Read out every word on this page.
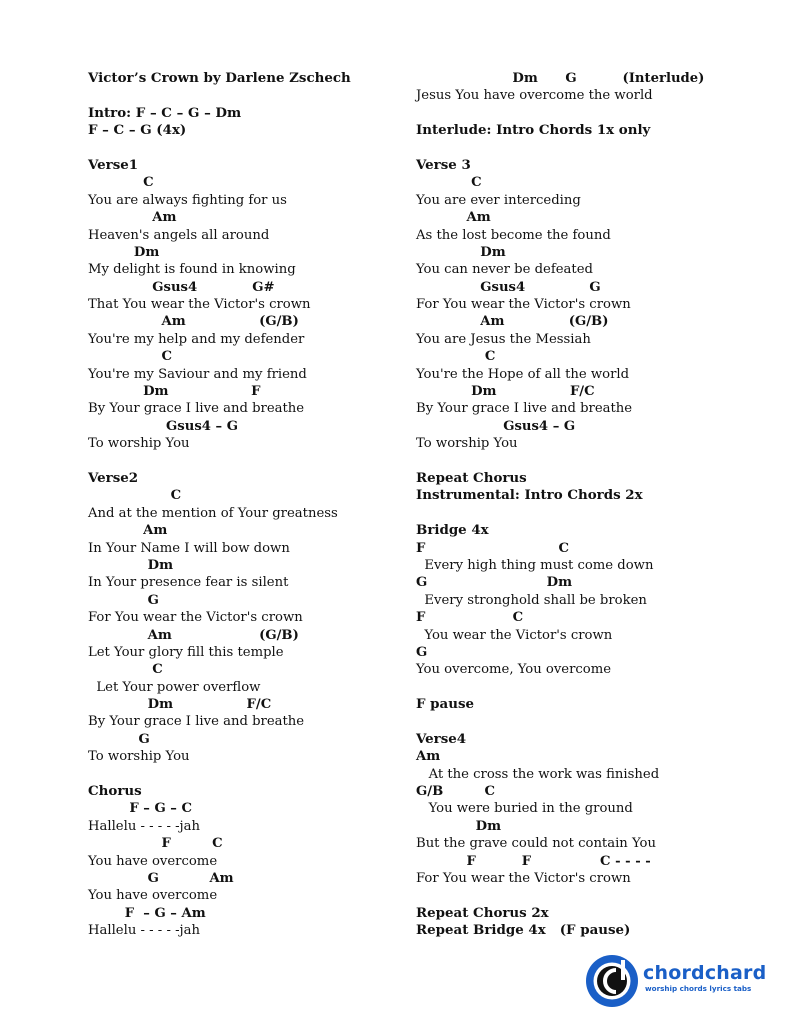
Victor’s Crown by Darlene Zschech
Intro: F – C – G – Dm
F – C – G (4x)
Verse1
C
You are always fighting for us
Am
Heaven's angels all around
Dm
My delight is found in knowing
Gsus4            G#
That You wear the Victor's crown
Am                (G/B)
You're my help and my defender
C
You're my Saviour and my friend
Dm                  F
By Your grace I live and breathe
Gsus4 – G
To worship You
Verse2
C
And at the mention of Your greatness
Am
In Your Name I will bow down
Dm
In Your presence fear is silent
G
For You wear the Victor's crown
Am                   (G/B)
Let Your glory fill this temple
C
Let Your power overflow
Dm                F/C
By Your grace I live and breathe
G
To worship You
Chorus
F – G – C
Hallelu - - - - -jah
F         C
You have overcome
G           Am
You have overcome
F  – G – Am
Hallelu - - - - -jah
Dm      G          (Interlude)
Jesus You have overcome the world
Interlude: Intro Chords 1x only
Verse 3
C
You are ever interceding
Am
As the lost become the found
Dm
You can never be defeated
Gsus4              G
For You wear the Victor's crown
Am              (G/B)
You are Jesus the Messiah
C
You're the Hope of all the world
Dm                F/C
By Your grace I live and breathe
Gsus4 – G
To worship You
Repeat Chorus
Instrumental: Intro Chords 2x
Bridge 4x
F                             C
Every high thing must come down
G                          Dm
Every stronghold shall be broken
F                   C
You wear the Victor's crown
G
You overcome, You overcome
F pause
Verse4
Am
At the cross the work was finished
G/B         C
You were buried in the ground
Dm
But the grave could not contain You
F          F               C - - - -
For You wear the Victor's crown
Repeat Chorus 2x
Repeat Bridge 4x   (F pause)
chordchard
worship chords lyrics tabs
